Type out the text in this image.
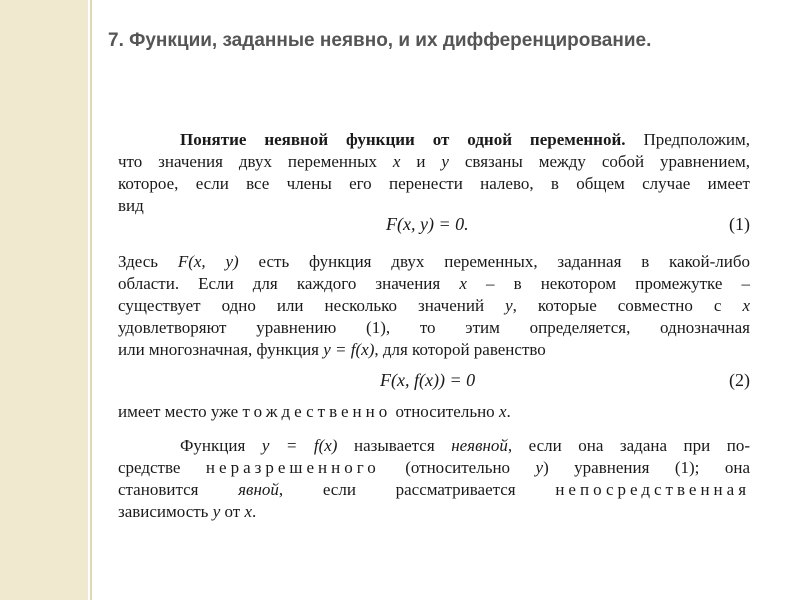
7. Функции, заданные неявно, и их дифференцирование.
Понятие неявной функции от одной переменной. Предположим,
что значения двух переменных x и y связаны между собой уравнением,
которое, если все члены его перенести налево, в общем случае имеет
вид
F(x, y) = 0.	(1)
Здесь F(x, y) есть функция двух переменных, заданная в какой-либо
области. Если для каждого значения x – в некотором промежутке –
существует одно или несколько значений y, которые совместно с x
удовлетворяют уравнению (1), то этим определяется, однозначная
или многозначная, функция y = f(x), для которой равенство
F(x, f(x)) = 0	(2)
имеет место уже тождественно относительно x.
Функция y = f(x) называется неявной, если она задана при по-
средстве неразрешенного (относительно y) уравнения (1); она
становится явной, если рассматривается непосредственная
зависимость y от x.
